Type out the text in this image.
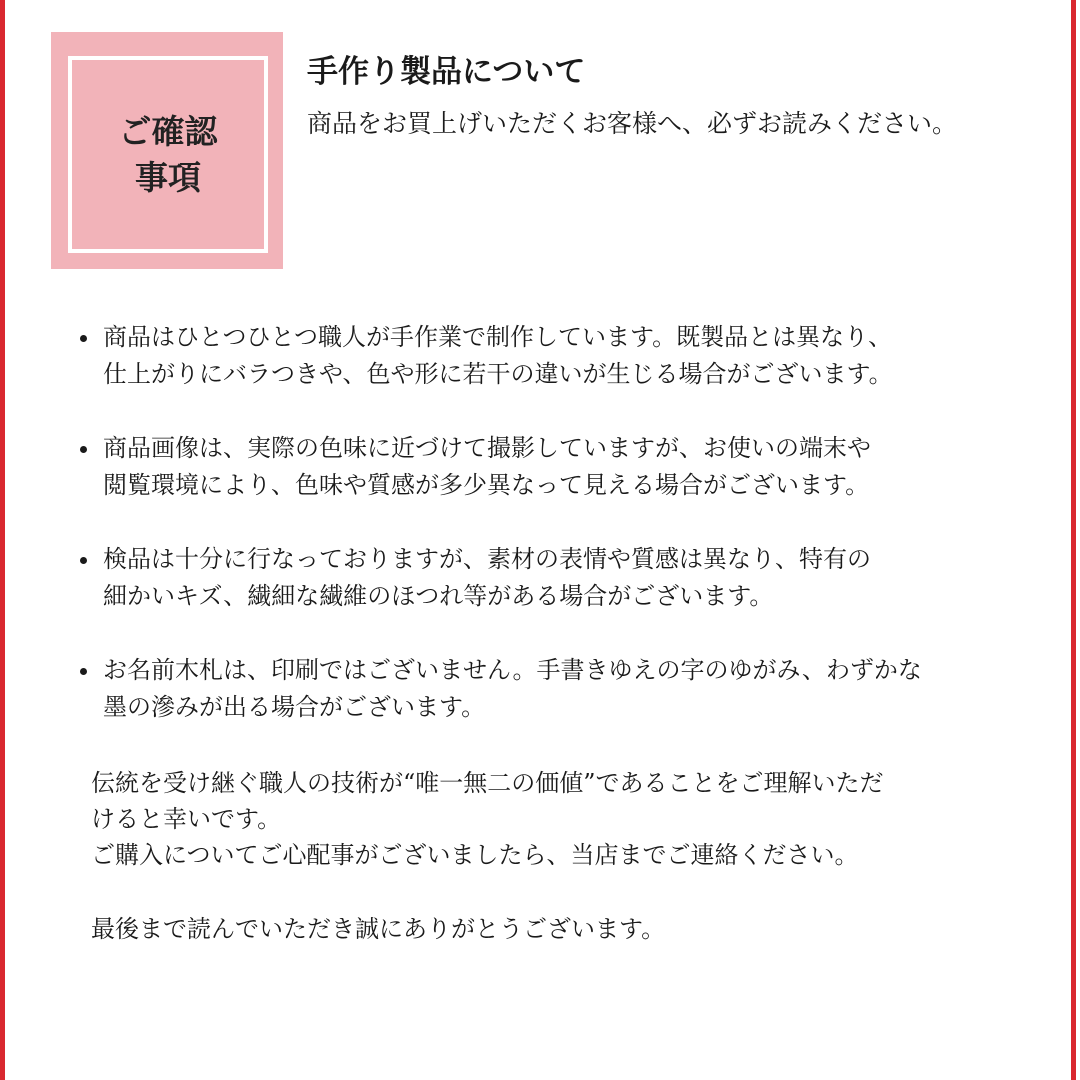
ご確認
事項
手作り製品について
商品をお買上げいただくお客様へ、必ずお読みください。
商品はひとつひとつ職人が手作業で制作しています。既製品とは異なり、
仕上がりにバラつきや、色や形に若干の違いが生じる場合がございます。
商品画像は、実際の色味に近づけて撮影していますが、お使いの端末や
閲覧環境により、色味や質感が多少異なって見える場合がございます。
検品は十分に行なっておりますが、素材の表情や質感は異なり、特有の
細かいキズ、繊細な繊維のほつれ等がある場合がございます。
お名前木札は、印刷ではございません。手書きゆえの字のゆがみ、わずかな
墨の滲みが出る場合がございます。
伝統を受け継ぐ職人の技術が“唯一無二の価値”であることをご理解いただ
けると幸いです。
ご購入についてご心配事がございましたら、当店までご連絡ください。
最後まで読んでいただき誠にありがとうございます。
